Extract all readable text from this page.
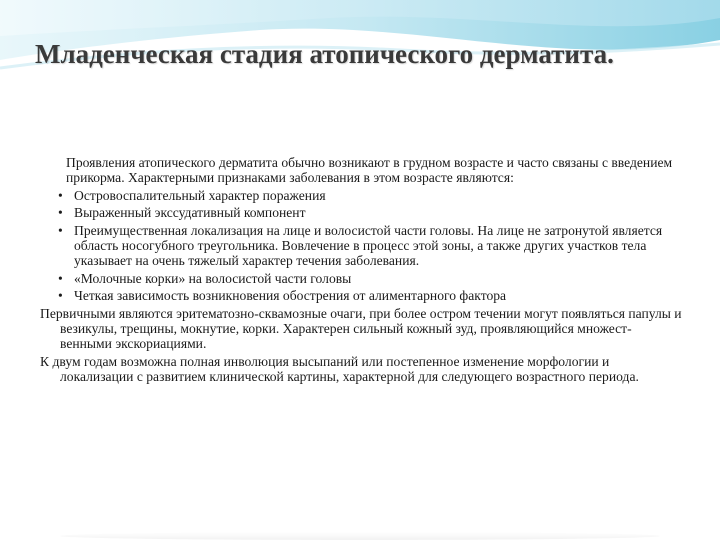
Младенческая стадия атопического дерматита.

Проявления атопического дерматита обычно возникают в грудном возрасте и часто связаны с введением прикорма. Характерными признаками заболевания в этом возрасте являются:

• Островоспалительный характер поражения
• Выраженный экссудативный компонент
• Преимущественная локализация на лице и волосистой части головы. На лице не затронутой является область носогубного треугольника. Вовлечение в процесс этой зоны, а также других участков тела указывает на очень тяжелый характер течения заболевания.
• «Молочные корки» на волосистой части головы
• Четкая зависимость возникновения обострения от алиментарного фактора

Первичными являются эритематозно-сквамозные очаги, при более остром течении могут появляться папулы и везикулы, трещины, мокнутие, корки. Характерен сильный кожный зуд, проявляющийся множест-венными экскориациями.

К двум годам возможна полная инволюция высыпаний или постепенное изменение морфологии и локализации с развитием клинической картины, характерной для следующего возрастного периода.
